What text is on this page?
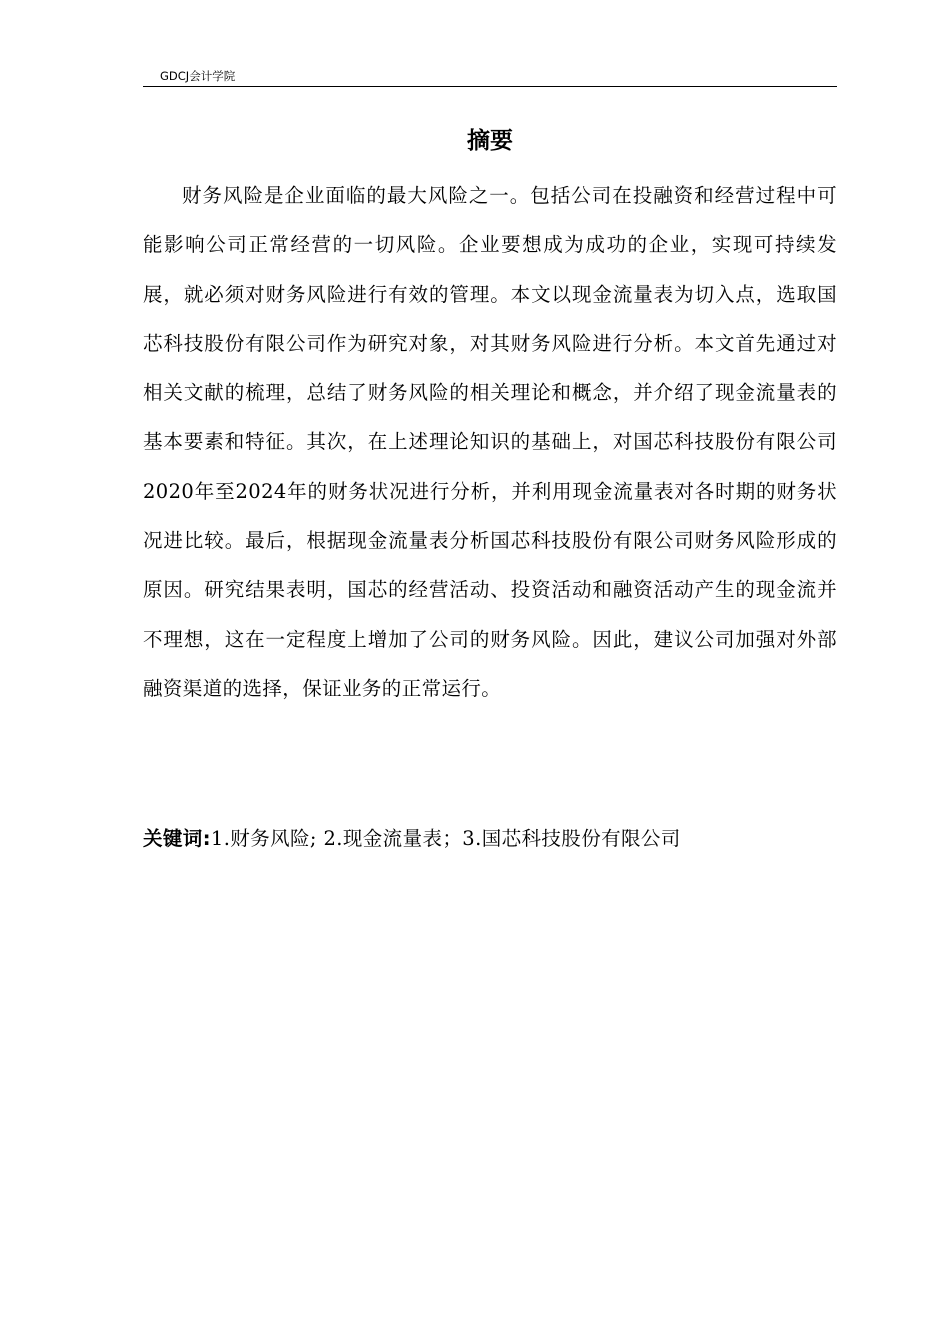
GDCJ会计学院
摘要

财务风险是企业面临的最大风险之一。包括公司在投融资和经营过程中可能影响公司正常经营的一切风险。企业要想成为成功的企业，实现可持续发展，就必须对财务风险进行有效的管理。本文以现金流量表为切入点，选取国芯科技股份有限公司作为研究对象，对其财务风险进行分析。本文首先通过对相关文献的梳理，总结了财务风险的相关理论和概念，并介绍了现金流量表的基本要素和特征。其次，在上述理论知识的基础上，对国芯科技股份有限公司2020年至2024年的财务状况进行分析，并利用现金流量表对各时期的财务状况进比较。最后，根据现金流量表分析国芯科技股份有限公司财务风险形成的原因。研究结果表明，国芯的经营活动、投资活动和融资活动产生的现金流并不理想，这在一定程度上增加了公司的财务风险。因此，建议公司加强对外部融资渠道的选择，保证业务的正常运行。

关键词:1.财务风险; 2.现金流量表；3.国芯科技股份有限公司
